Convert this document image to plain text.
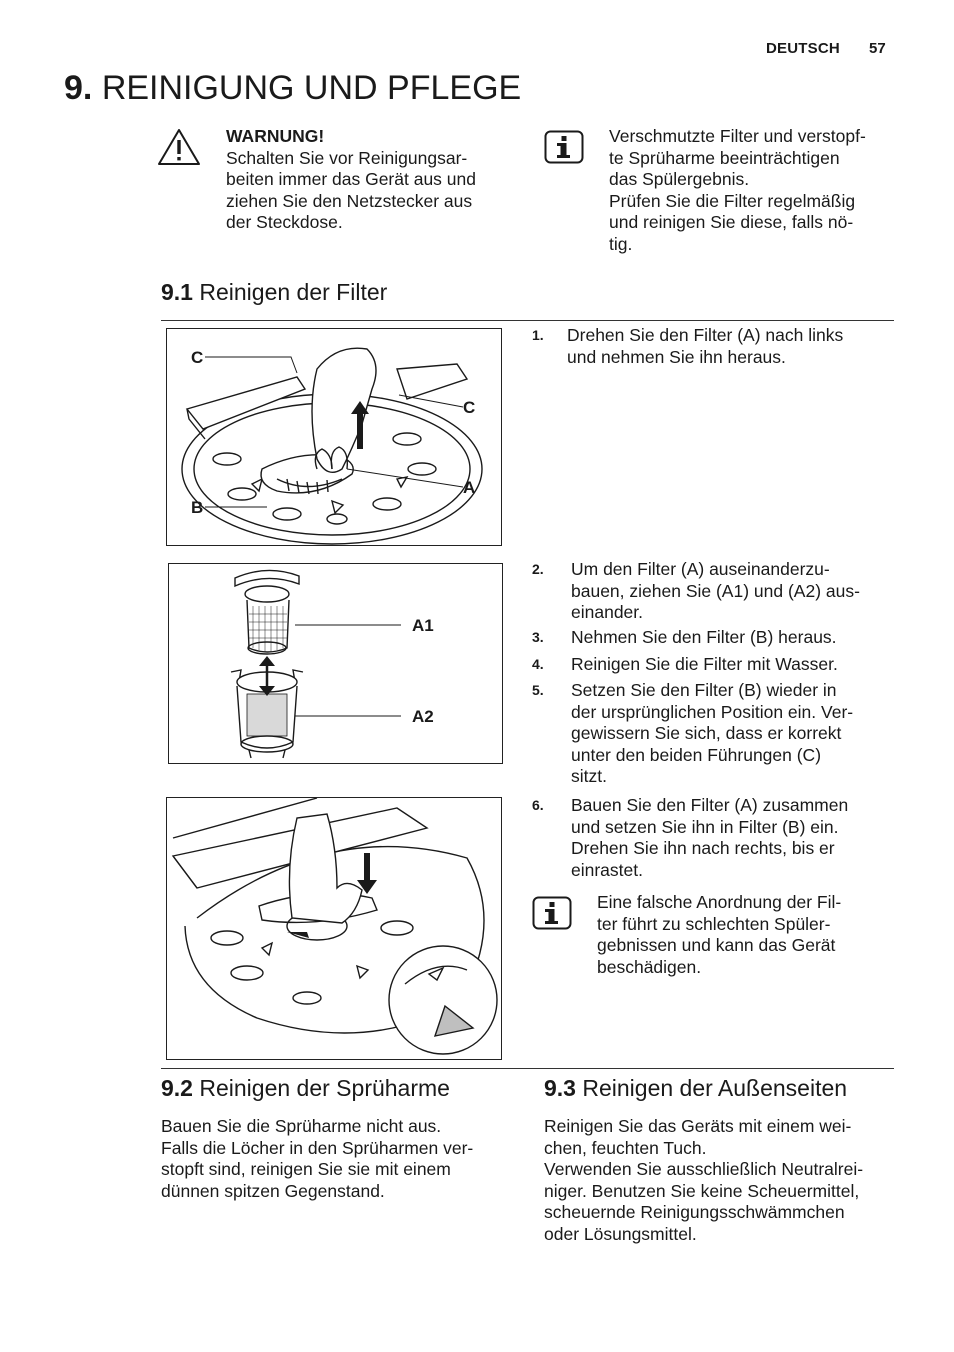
DEUTSCH 57
9. REINIGUNG UND PFLEGE
WARNUNG!
Schalten Sie vor Reinigungsar-
beiten immer das Gerät aus und
ziehen Sie den Netzstecker aus
der Steckdose.
Verschmutzte Filter und verstopf-
te Sprüharme beeinträchtigen
das Spülergebnis.
Prüfen Sie die Filter regelmäßig
und reinigen Sie diese, falls nö-
tig.
9.1 Reinigen der Filter
C
C
A
B
A1
A2
1. Drehen Sie den Filter (A) nach links
und nehmen Sie ihn heraus.
2. Um den Filter (A) auseinanderzu-
bauen, ziehen Sie (A1) und (A2) aus-
einander.
3. Nehmen Sie den Filter (B) heraus.
4. Reinigen Sie die Filter mit Wasser.
5. Setzen Sie den Filter (B) wieder in
der ursprünglichen Position ein. Ver-
gewissern Sie sich, dass er korrekt
unter den beiden Führungen (C)
sitzt.
6. Bauen Sie den Filter (A) zusammen
und setzen Sie ihn in Filter (B) ein.
Drehen Sie ihn nach rechts, bis er
einrastet.
Eine falsche Anordnung der Fil-
ter führt zu schlechten Spüler-
gebnissen und kann das Gerät
beschädigen.
9.2 Reinigen der Sprüharme
Bauen Sie die Sprüharme nicht aus.
Falls die Löcher in den Sprüharmen ver-
stopft sind, reinigen Sie sie mit einem
dünnen spitzen Gegenstand.
9.3 Reinigen der Außenseiten
Reinigen Sie das Geräts mit einem wei-
chen, feuchten Tuch.
Verwenden Sie ausschließlich Neutralrei-
niger. Benutzen Sie keine Scheuermittel,
scheuernde Reinigungsschwämmchen
oder Lösungsmittel.
